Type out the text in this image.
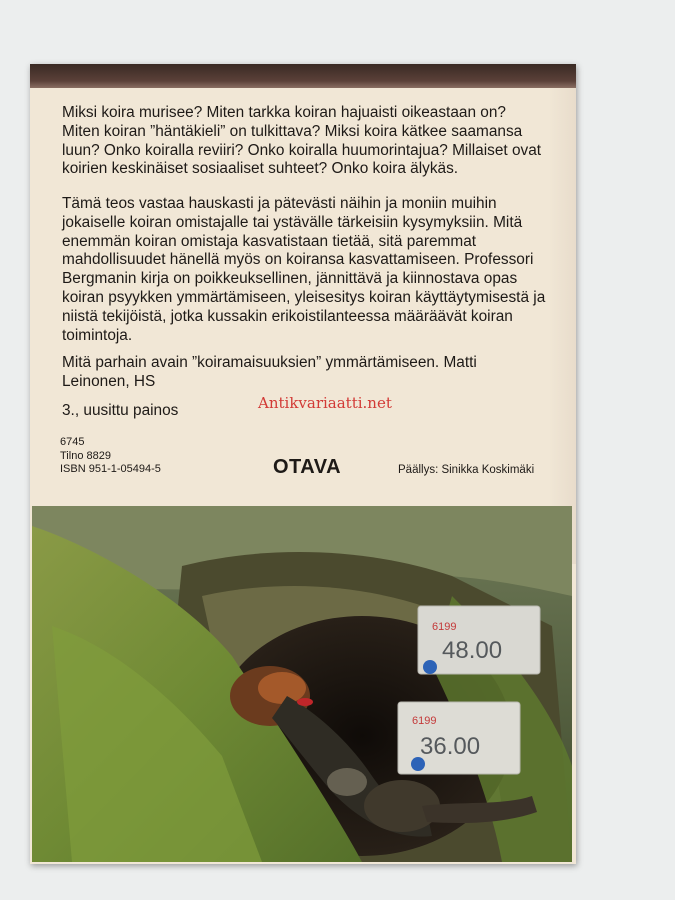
Miksi koira murisee? Miten tarkka koiran hajuaisti oikeastaan on? Miten koiran ”häntäkieli” on tulkittava? Miksi koira kätkee saamansa luun? Onko koiralla reviiri? Onko koiralla huumorintajua? Millaiset ovat koirien keskinäiset sosiaaliset suhteet? Onko koira älykäs.
Tämä teos vastaa hauskasti ja pätevästi näihin ja moniin muihin jokaiselle koiran omistajalle tai ystävälle tärkeisiin kysymyksiin. Mitä enemmän koiran omistaja kasvatistaan tietää, sitä paremmat mahdollisuudet hänellä myös on koiransa kasvattamiseen. Professori Bergmanin kirja on poikkeuksellinen, jännittävä ja kiinnostava opas koiran psyykken ymmärtämiseen, yleisesitys koiran käyttäytymisestä ja niistä tekijöistä, jotka kussakin erikoistilanteessa määräävät koiran toimintoja.
Mitä parhain avain ”koiramaisuuksien” ymmärtämiseen. Matti Leinonen, HS
3., uusittu painos
6745
Tilno 8829
ISBN 951-1-05494-5	OTAVA	Päällys: Sinikka Koskimäki
Antikvariaatti.net
6199
48.00
6199
36.00
